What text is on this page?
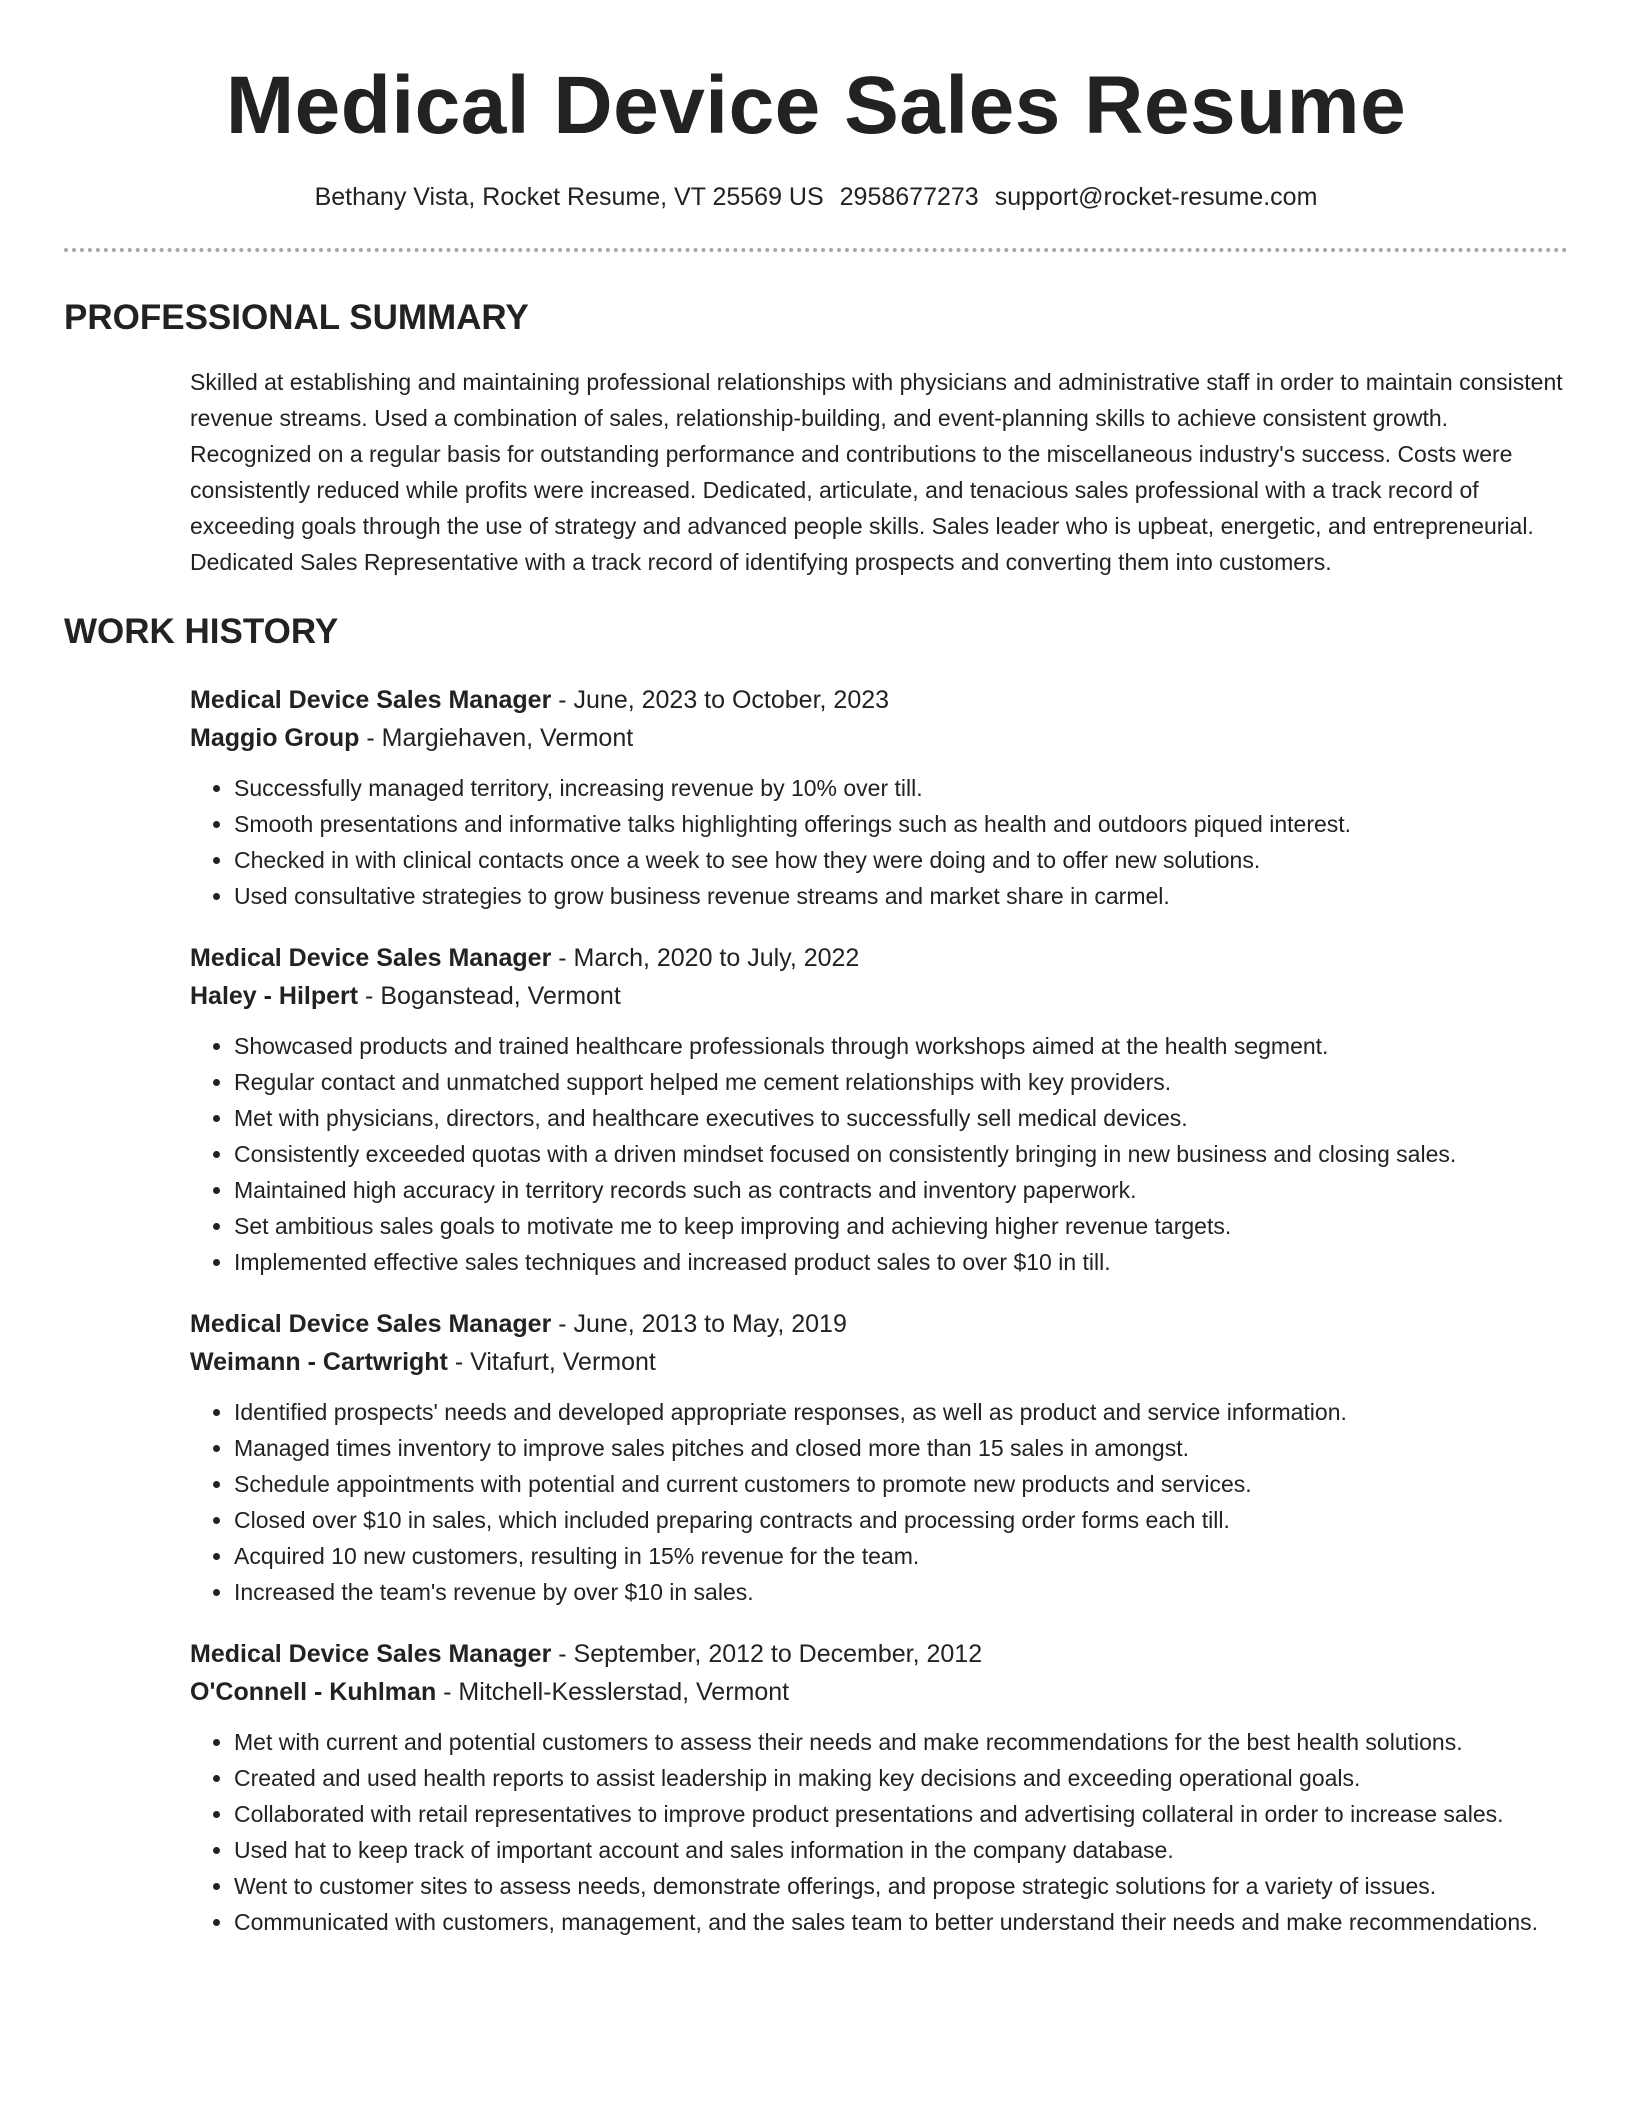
Medical Device Sales Resume
Bethany Vista, Rocket Resume, VT 25569 US 2958677273 support@rocket-resume.com
PROFESSIONAL SUMMARY

Skilled at establishing and maintaining professional relationships with physicians and administrative staff in order to maintain consistent revenue streams. Used a combination of sales, relationship-building, and event-planning skills to achieve consistent growth. Recognized on a regular basis for outstanding performance and contributions to the miscellaneous industry's success. Costs were consistently reduced while profits were increased. Dedicated, articulate, and tenacious sales professional with a track record of exceeding goals through the use of strategy and advanced people skills. Sales leader who is upbeat, energetic, and entrepreneurial. Dedicated Sales Representative with a track record of identifying prospects and converting them into customers.

WORK HISTORY
Medical Device Sales Manager - June, 2023 to October, 2023
Maggio Group - Margiehaven, Vermont
• Successfully managed territory, increasing revenue by 10% over till.
• Smooth presentations and informative talks highlighting offerings such as health and outdoors piqued interest.
• Checked in with clinical contacts once a week to see how they were doing and to offer new solutions.
• Used consultative strategies to grow business revenue streams and market share in carmel.
Medical Device Sales Manager - March, 2020 to July, 2022
Haley - Hilpert - Boganstead, Vermont
• Showcased products and trained healthcare professionals through workshops aimed at the health segment.
• Regular contact and unmatched support helped me cement relationships with key providers.
• Met with physicians, directors, and healthcare executives to successfully sell medical devices.
• Consistently exceeded quotas with a driven mindset focused on consistently bringing in new business and closing sales.
• Maintained high accuracy in territory records such as contracts and inventory paperwork.
• Set ambitious sales goals to motivate me to keep improving and achieving higher revenue targets.
• Implemented effective sales techniques and increased product sales to over $10 in till.
Medical Device Sales Manager - June, 2013 to May, 2019
Weimann - Cartwright - Vitafurt, Vermont
• Identified prospects' needs and developed appropriate responses, as well as product and service information.
• Managed times inventory to improve sales pitches and closed more than 15 sales in amongst.
• Schedule appointments with potential and current customers to promote new products and services.
• Closed over $10 in sales, which included preparing contracts and processing order forms each till.
• Acquired 10 new customers, resulting in 15% revenue for the team.
• Increased the team's revenue by over $10 in sales.
Medical Device Sales Manager - September, 2012 to December, 2012
O'Connell - Kuhlman - Mitchell-Kesslerstad, Vermont
• Met with current and potential customers to assess their needs and make recommendations for the best health solutions.
• Created and used health reports to assist leadership in making key decisions and exceeding operational goals.
• Collaborated with retail representatives to improve product presentations and advertising collateral in order to increase sales.
• Used hat to keep track of important account and sales information in the company database.
• Went to customer sites to assess needs, demonstrate offerings, and propose strategic solutions for a variety of issues.
• Communicated with customers, management, and the sales team to better understand their needs and make recommendations.
